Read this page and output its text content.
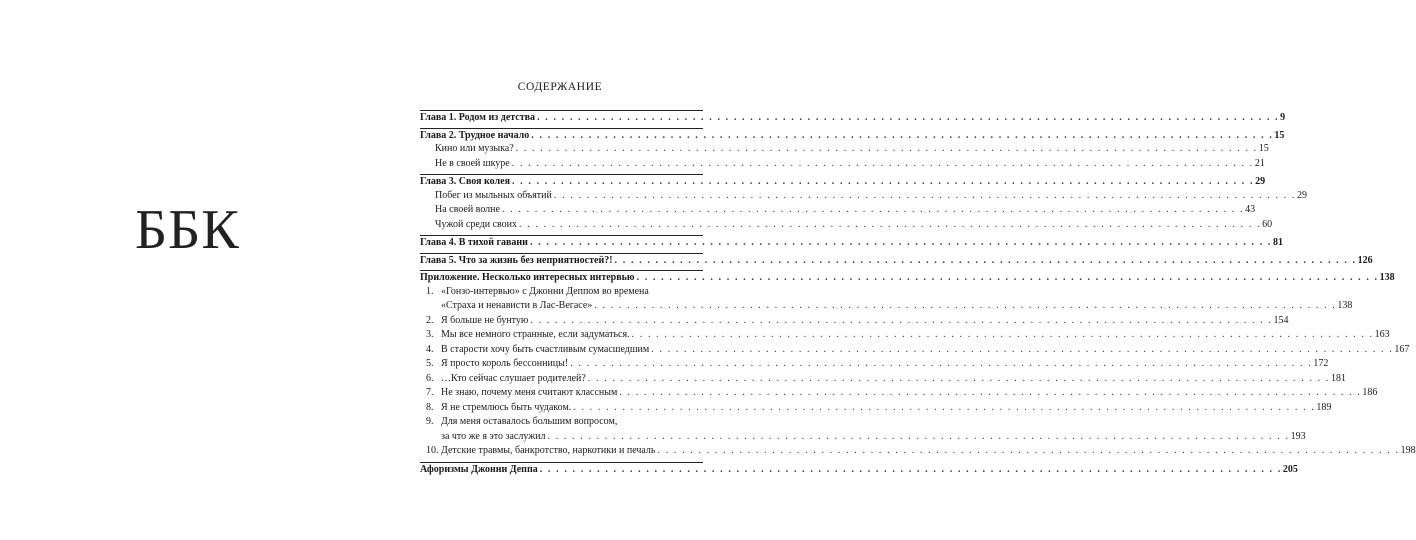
ББК
СОДЕРЖАНИЕ
Глава 1. Родом из детства . . .	9
Глава 2. Трудное начало . . .	15
Кино или музыка? . . .	15
Не в своей шкуре . . .	21
Глава 3. Своя колея . . .	29
Побег из мыльных объятий . . .	29
На своей волне . . .	43
Чужой среди своих . . .	60
Глава 4. В тихой гавани . . .	81
Глава 5. Что за жизнь без неприятностей?! . . .	126
Приложение. Несколько интересных интервью . . .	138
1. «Гонзо-интервью» с Джонни Деппом во времена
«Страха и ненависти в Лас-Вегасе» . . .	138
2. Я больше не бунтую . . .	154
3. Мы все немного странные, если задуматься. . . .	163
4. В старости хочу быть счастливым сумасшедшим . . .	167
5. Я просто король бессонницы! . . .	172
6. …Кто сейчас слушает родителей? . . .	181
7. Не знаю, почему меня считают классным . . .	186
8. Я не стремлюсь быть чудаком. . . .	189
9. Для меня оставалось большим вопросом,
за что же я это заслужил . . .	193
10. Детские травмы, банкротство, наркотики и печаль . . .	198
Афоризмы Джонни Деппа . . .	205
